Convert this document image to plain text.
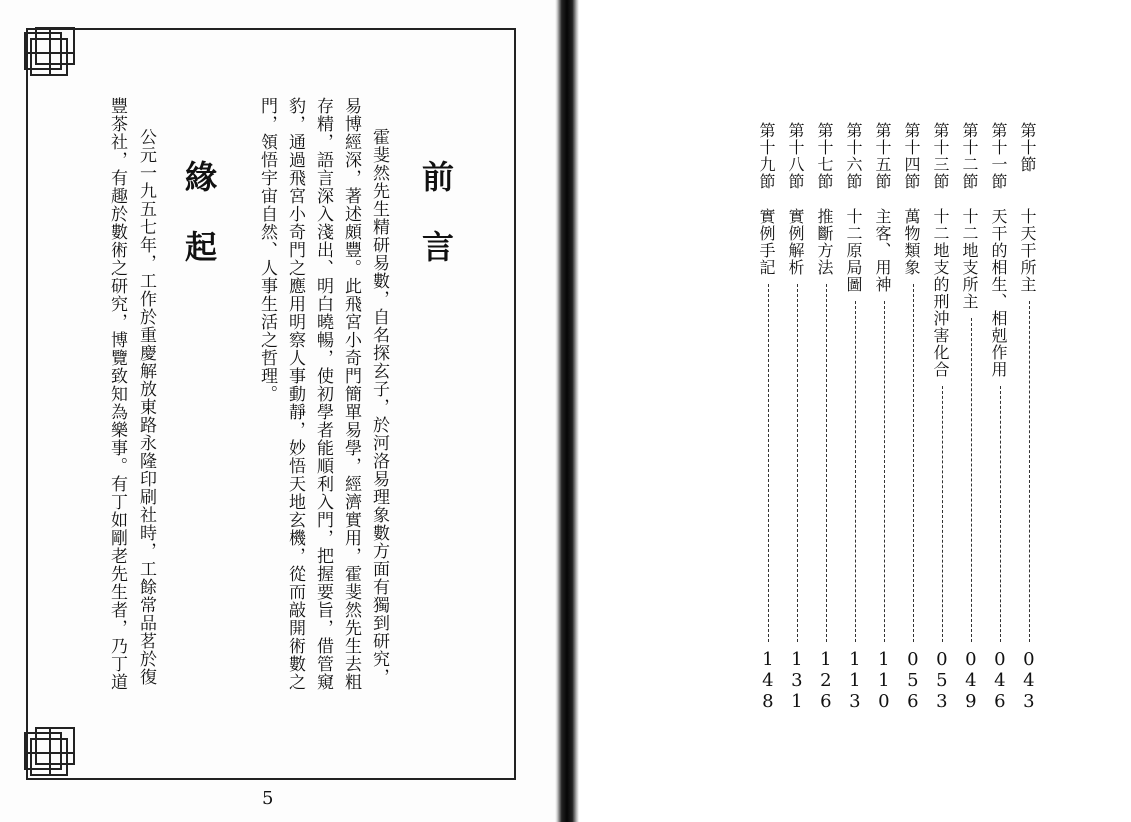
前言
霍斐然先生精研易數，自名探玄子，於河洛易理象數方面有獨到研究，
易博經深，著述頗豐。此飛宮小奇門簡單易學，經濟實用，霍斐然先生去粗
存精，語言深入淺出、明白曉暢，使初學者能順利入門，把握要旨，借管窺
豹，通過飛宮小奇門之應用明察人事動靜，妙悟天地玄機，從而敲開術數之
門，領悟宇宙自然、人事生活之哲理。
緣起
公元一九五七年，工作於重慶解放東路永隆印刷社時，工餘常品茗於復
豐茶社，有趣於數術之研究，博覽致知為樂事。有丁如剛老先生者，乃丁道
5
第十節
十天干所主
043
第十一節
天干的相生、相剋作用
046
第十二節
十二地支所主
049
第十三節
十二地支的刑沖害化合
053
第十四節
萬物類象
056
第十五節
主客、用神
110
第十六節
十二原局圖
113
第十七節
推斷方法
126
第十八節
實例解析
131
第十九節
實例手記
148
